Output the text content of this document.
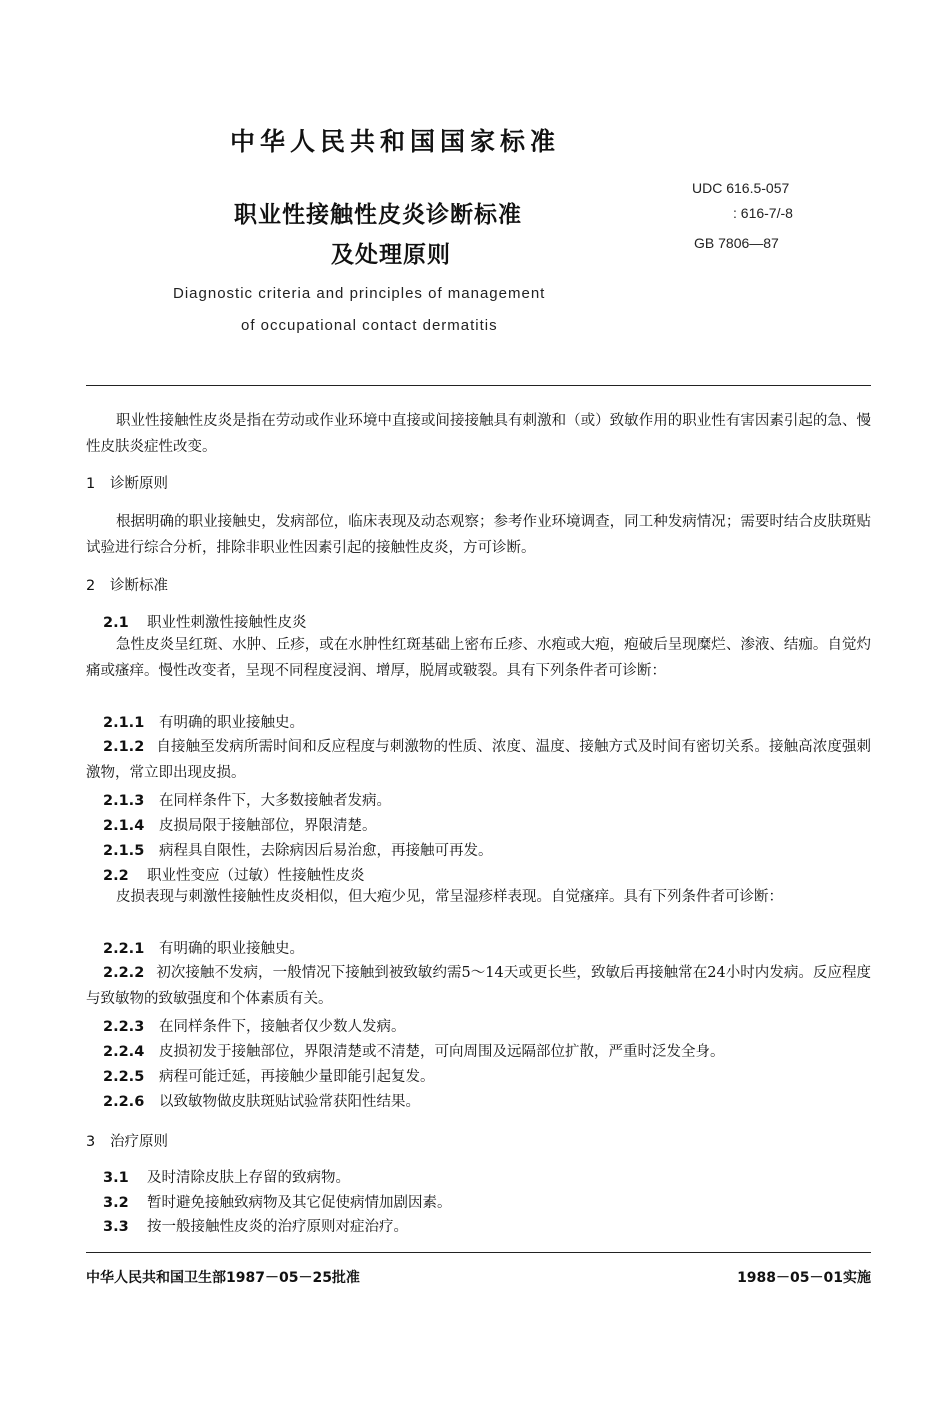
中华人民共和国国家标准
职业性接触性皮炎诊断标准
及处理原则
UDC 616.5-057
: 616-7/-8
GB 7806—87
Diagnostic criteria and principles of management
of occupational contact dermatitis
职业性接触性皮炎是指在劳动或作业环境中直接或间接接触具有刺激和（或）致敏作用的职业性有害因素引起的急、慢性皮肤炎症性改变。
1 诊断原则
根据明确的职业接触史，发病部位，临床表现及动态观察；参考作业环境调查，同工种发病情况；需要时结合皮肤斑贴试验进行综合分析，排除非职业性因素引起的接触性皮炎，方可诊断。
2 诊断标准
2.1 职业性刺激性接触性皮炎
急性皮炎呈红斑、水肿、丘疹，或在水肿性红斑基础上密布丘疹、水疱或大疱，疱破后呈现糜烂、渗液、结痂。自觉灼痛或瘙痒。慢性改变者，呈现不同程度浸润、增厚，脱屑或皲裂。具有下列条件者可诊断：
2.1.1 有明确的职业接触史。
2.1.2 自接触至发病所需时间和反应程度与刺激物的性质、浓度、温度、接触方式及时间有密切关系。接触高浓度强刺激物，常立即出现皮损。
2.1.3 在同样条件下，大多数接触者发病。
2.1.4 皮损局限于接触部位，界限清楚。
2.1.5 病程具自限性，去除病因后易治愈，再接触可再发。
2.2 职业性变应（过敏）性接触性皮炎
皮损表现与刺激性接触性皮炎相似，但大疱少见，常呈湿疹样表现。自觉瘙痒。具有下列条件者可诊断：
2.2.1 有明确的职业接触史。
2.2.2 初次接触不发病，一般情况下接触到被致敏约需5～14天或更长些，致敏后再接触常在24小时内发病。反应程度与致敏物的致敏强度和个体素质有关。
2.2.3 在同样条件下，接触者仅少数人发病。
2.2.4 皮损初发于接触部位，界限清楚或不清楚，可向周围及远隔部位扩散，严重时泛发全身。
2.2.5 病程可能迁延，再接触少量即能引起复发。
2.2.6 以致敏物做皮肤斑贴试验常获阳性结果。
3 治疗原则
3.1 及时清除皮肤上存留的致病物。
3.2 暂时避免接触致病物及其它促使病情加剧因素。
3.3 按一般接触性皮炎的治疗原则对症治疗。
中华人民共和国卫生部1987－05－25批准	1988－05－01实施
